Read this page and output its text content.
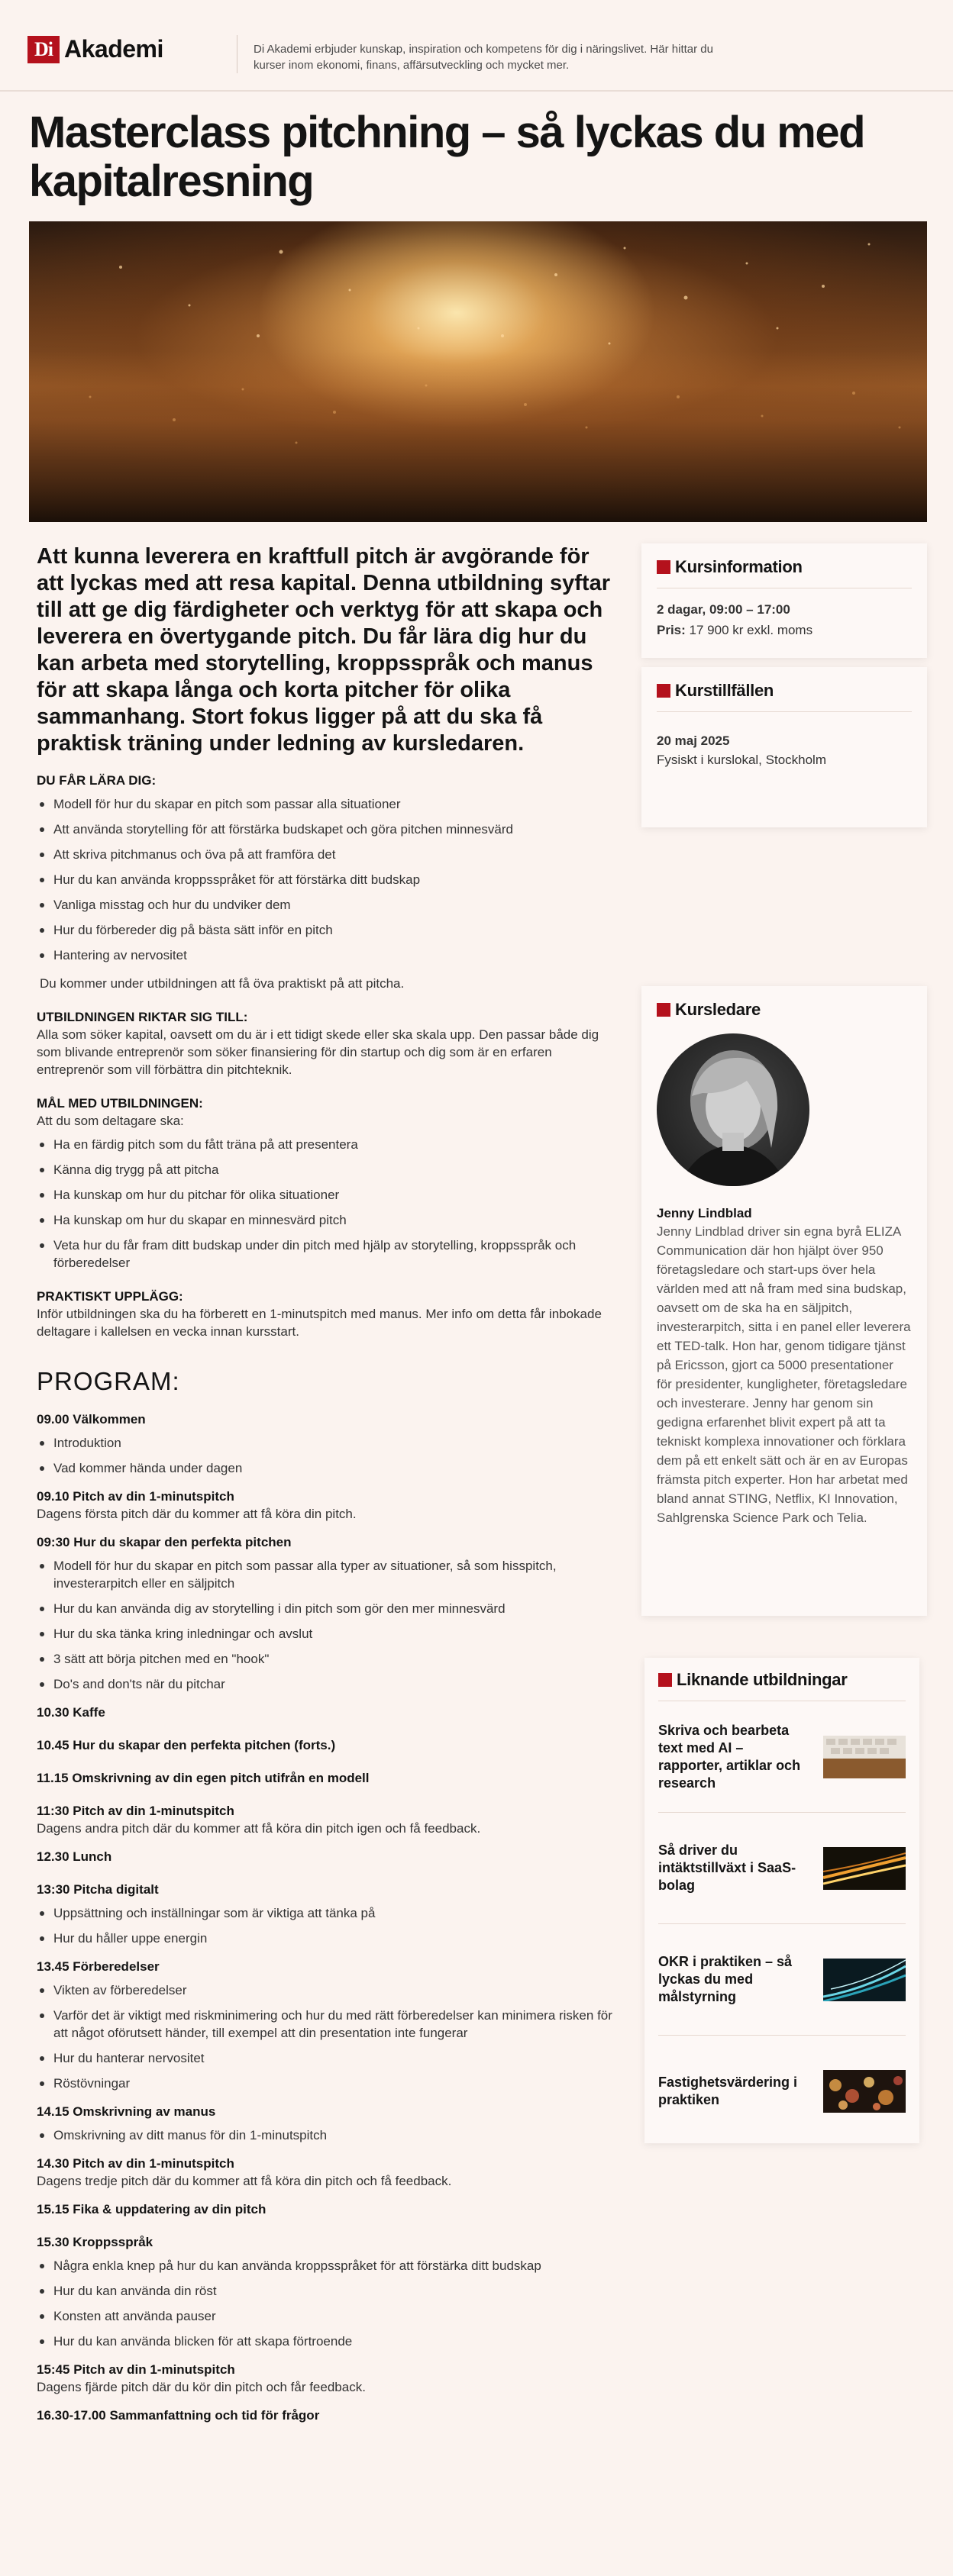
Di Akademi	Di Akademi erbjuder kunskap, inspiration och kompetens för dig i näringslivet. Här hittar du kurser inom ekonomi, finans, affärsutveckling och mycket mer.
Masterclass pitchning – så lyckas du med kapitalresning

Att kunna leverera en kraftfull pitch är avgörande för att lyckas med att resa kapital. Denna utbildning syftar till att ge dig färdigheter och verktyg för att skapa och leverera en övertygande pitch. Du får lära dig hur du kan arbeta med storytelling, kroppsspråk och manus för att skapa långa och korta pitcher för olika sammanhang. Stort fokus ligger på att du ska få praktisk träning under ledning av kursledaren.

DU FÅR LÄRA DIG:
Modell för hur du skapar en pitch som passar alla situationer
Att använda storytelling för att förstärka budskapet och göra pitchen minnesvärd
Att skriva pitchmanus och öva på att framföra det
Hur du kan använda kroppsspråket för att förstärka ditt budskap
Vanliga misstag och hur du undviker dem
Hur du förbereder dig på bästa sätt inför en pitch
Hantering av nervositet

Du kommer under utbildningen att få öva praktiskt på att pitcha.

UTBILDNINGEN RIKTAR SIG TILL:

Alla som söker kapital, oavsett om du är i ett tidigt skede eller ska skala upp. Den passar både dig som blivande entreprenör som söker finansiering för din startup och dig som är en erfaren entreprenör som vill förbättra din pitchteknik.

MÅL MED UTBILDNINGEN:

Att du som deltagare ska:

Ha en färdig pitch som du fått träna på att presentera
Känna dig trygg på att pitcha
Ha kunskap om hur du pitchar för olika situationer
Ha kunskap om hur du skapar en minnesvärd pitch
Veta hur du får fram ditt budskap under din pitch med hjälp av storytelling, kroppsspråk och förberedelser
PRAKTISKT UPPLÄGG:

Inför utbildningen ska du ha förberett en 1-minutspitch med manus. Mer info om detta får inbokade deltagare i kallelsen en vecka innan kursstart.

PROGRAM:
09.00 Välkommen
Introduktion
Vad kommer hända under dagen
09.10 Pitch av din 1-minutspitch

Dagens första pitch där du kommer att få köra din pitch.

09:30 Hur du skapar den perfekta pitchen
Modell för hur du skapar en pitch som passar alla typer av situationer, så som hisspitch, investerarpitch eller en säljpitch
Hur du kan använda dig av storytelling i din pitch som gör den mer minnesvärd
Hur du ska tänka kring inledningar och avslut
3 sätt att börja pitchen med en "hook"
Do's and don'ts när du pitchar
10.30 Kaffe
10.45 Hur du skapar den perfekta pitchen (forts.)
11.15 Omskrivning av din egen pitch utifrån en modell
11:30 Pitch av din 1-minutspitch

Dagens andra pitch där du kommer att få köra din pitch igen och få feedback.

12.30 Lunch
13:30 Pitcha digitalt
Uppsättning och inställningar som är viktiga att tänka på
Hur du håller uppe energin
13.45 Förberedelser
Vikten av förberedelser
Varför det är viktigt med riskminimering och hur du med rätt förberedelser kan minimera risken för att något oförutsett händer, till exempel att din presentation inte fungerar
Hur du hanterar nervositet
Röstövningar
14.15 Omskrivning av manus
Omskrivning av ditt manus för din 1-minutspitch
14.30 Pitch av din 1-minutspitch

Dagens tredje pitch där du kommer att få köra din pitch och få feedback.

15.15 Fika & uppdatering av din pitch
15.30 Kroppsspråk
Några enkla knep på hur du kan använda kroppsspråket för att förstärka ditt budskap
Hur du kan använda din röst
Konsten att använda pauser
Hur du kan använda blicken för att skapa förtroende
15:45 Pitch av din 1-minutspitch

Dagens fjärde pitch där du kör din pitch och får feedback.

16.30-17.00 Sammanfattning och tid för frågor
Kursinformation
2 dagar, 09:00 – 17:00
Pris: 17 900 kr exkl. moms
Kurstillfällen
20 maj 2025
Fysiskt i kurslokal, Stockholm
Kursledare
Jenny Lindblad

Jenny Lindblad driver sin egna byrå ELIZA Communication där hon hjälpt över 950 företagsledare och start-ups över hela världen med att nå fram med sina budskap, oavsett om de ska ha en säljpitch, investerarpitch, sitta i en panel eller leverera ett TED-talk. Hon har, genom tidigare tjänst på Ericsson, gjort ca 5000 presentationer för presidenter, kungligheter, företagsledare och investerare. Jenny har genom sin gedigna erfarenhet blivit expert på att ta tekniskt komplexa innovationer och förklara dem på ett enkelt sätt och är en av Europas främsta pitch experter. Hon har arbetat med bland annat STING, Netflix, KI Innovation, Sahlgrenska Science Park och Telia.

Liknande utbildningar
Skriva och bearbeta text med AI – rapporter, artiklar och research
Så driver du intäktstillväxt i SaaS-bolag
OKR i praktiken – så lyckas du med målstyrning
Fastighetsvärdering i praktiken
